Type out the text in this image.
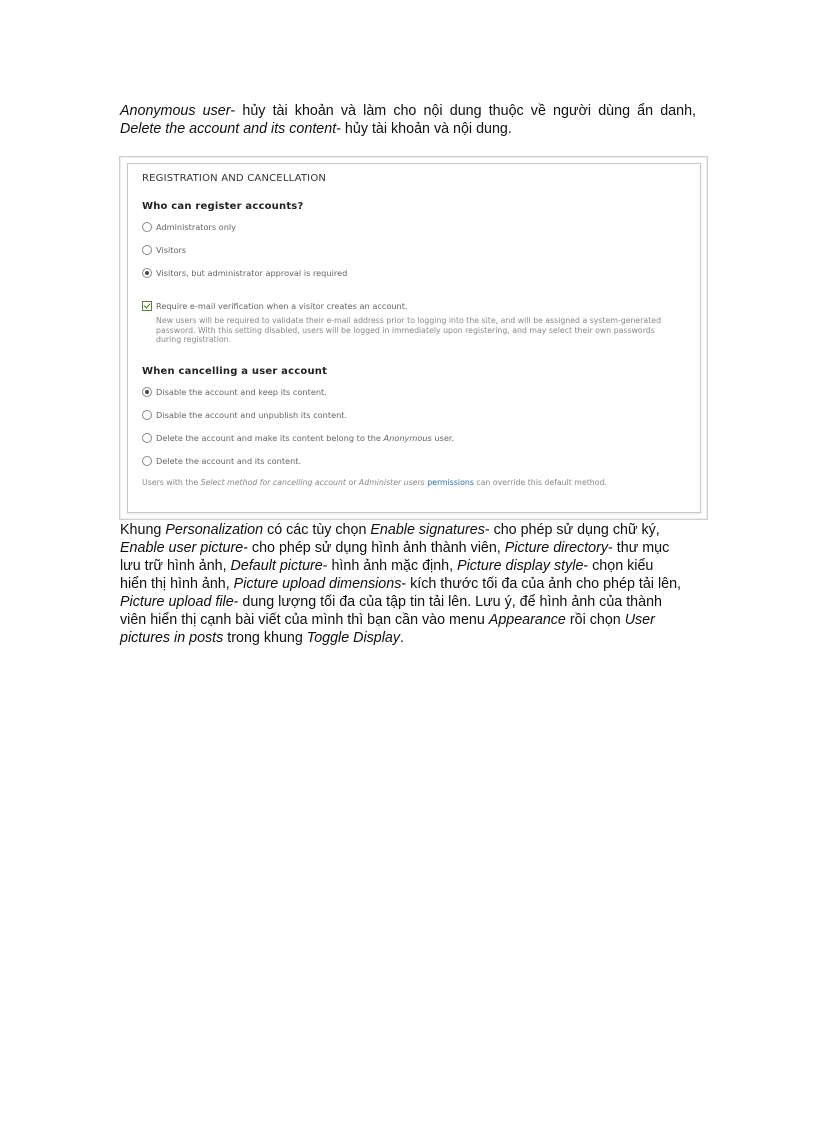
Anonymous user- hủy tài khoản và làm cho nội dung thuộc về người dùng ẩn danh,
Delete the account and its content- hủy tài khoản và nội dung.
REGISTRATION AND CANCELLATION
Who can register accounts?
Administrators only
Visitors
Visitors, but administrator approval is required
Require e-mail verification when a visitor creates an account.
New users will be required to validate their e-mail address prior to logging into the site, and will be assigned a system-generated
password. With this setting disabled, users will be logged in immediately upon registering, and may select their own passwords
during registration.
When cancelling a user account
Disable the account and keep its content.
Disable the account and unpublish its content.
Delete the account and make its content belong to the
Anonymous
user.
Delete the account and its content.
Users with the Select method for cancelling account or Administer users permissions can override this default method.
Khung Personalization có các tùy chọn Enable signatures- cho phép sử dụng chữ ký,
Enable user picture- cho phép sử dụng hình ảnh thành viên, Picture directory- thư mục
lưu trữ hình ảnh, Default picture- hình ảnh mặc định, Picture display style- chọn kiểu
hiển thị hình ảnh, Picture upload dimensions- kích thước tối đa của ảnh cho phép tải lên,
Picture upload file- dung lượng tối đa của tập tin tải lên. Lưu ý, để hình ảnh của thành
viên hiển thị cạnh bài viết của mình thì bạn cần vào menu Appearance rồi chọn User
pictures in posts trong khung Toggle Display.
